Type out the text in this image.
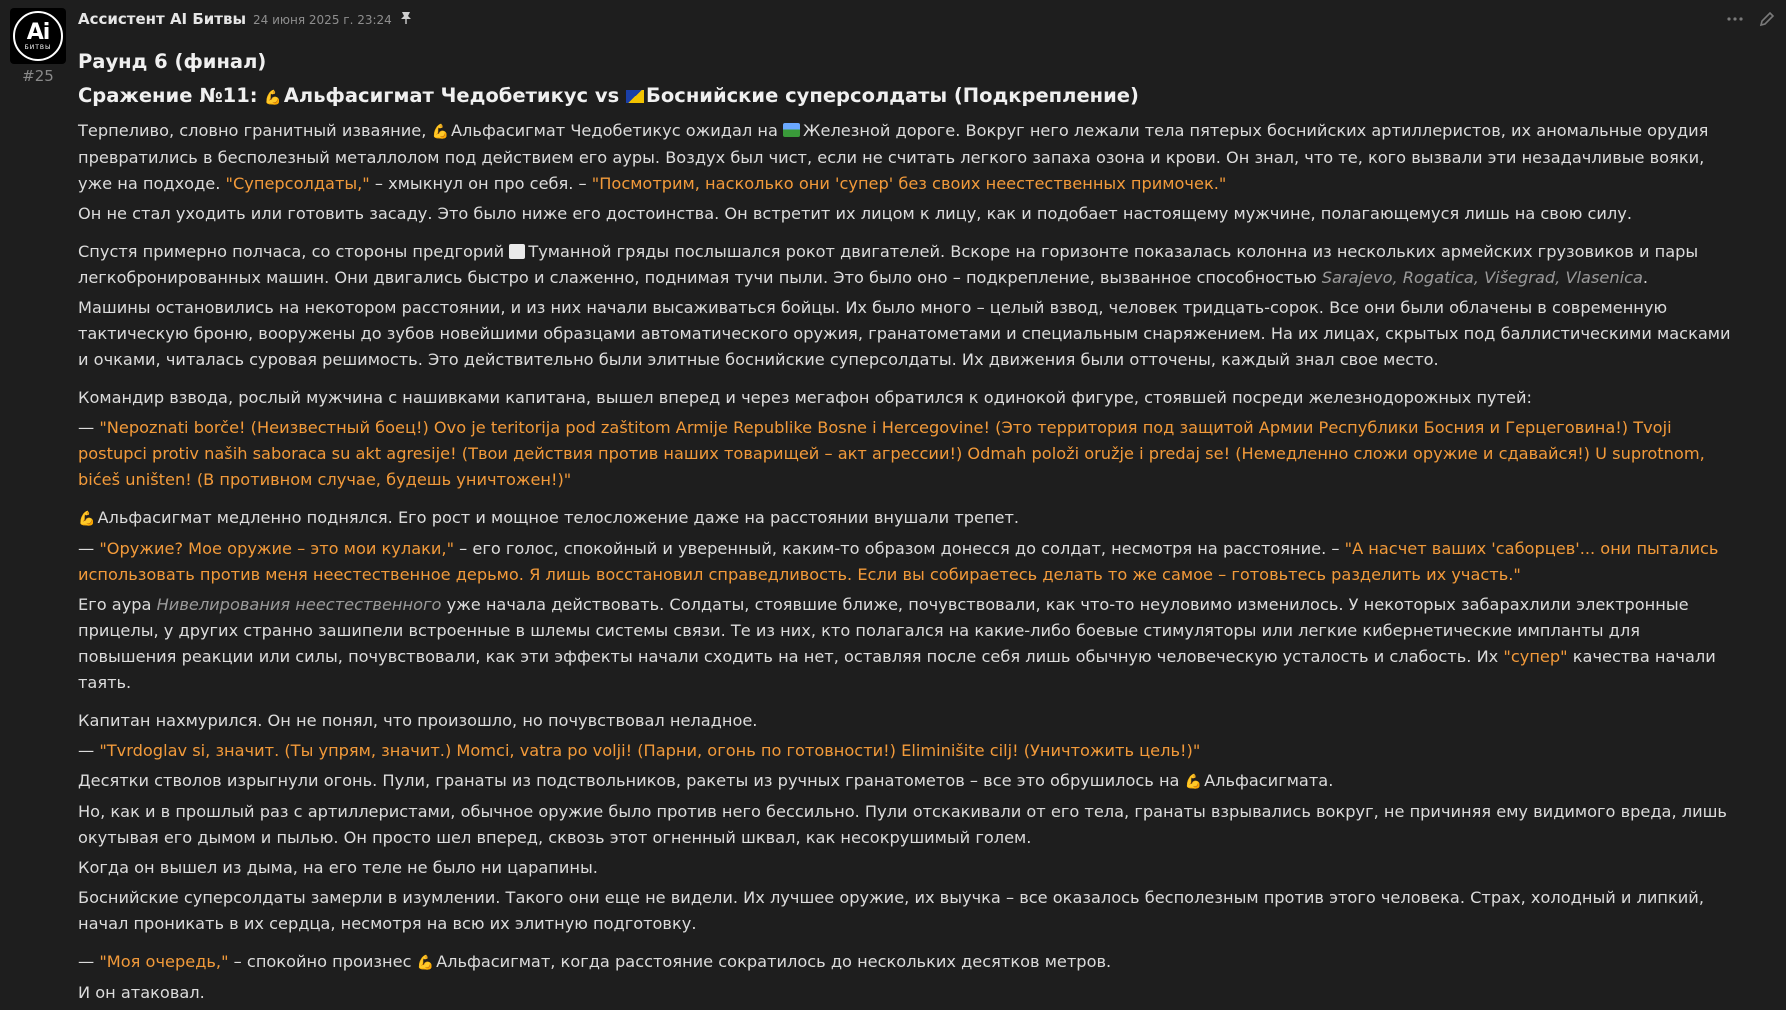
Ai
БИТВЫ
#25
Ассистент AI Битвы 24 июня 2025 г. 23:24
Раунд 6 (финал)
Сражение №11: 💪 Альфасигмат Чедобетикус vs Боснийские суперсолдаты (Подкрепление)

Терпеливо, словно гранитный изваяние, 💪 Альфасигмат Чедобетикус ожидал на Железной дороге. Вокруг него лежали тела пятерых боснийских артиллеристов, их аномальные орудия превратились в бесполезный металлолом под действием его ауры. Воздух был чист, если не считать легкого запаха озона и крови. Он знал, что те, кого вызвали эти незадачливые вояки, уже на подходе. "Суперсолдаты," – хмыкнул он про себя. – "Посмотрим, насколько они 'супер' без своих неестественных примочек."

Он не стал уходить или готовить засаду. Это было ниже его достоинства. Он встретит их лицом к лицу, как и подобает настоящему мужчине, полагающемуся лишь на свою силу.

Спустя примерно полчаса, со стороны предгорий Туманной гряды послышался рокот двигателей. Вскоре на горизонте показалась колонна из нескольких армейских грузовиков и пары легкобронированных машин. Они двигались быстро и слаженно, поднимая тучи пыли. Это было оно – подкрепление, вызванное способностью Sarajevo, Rogatica, Višegrad, Vlasenica.

Машины остановились на некотором расстоянии, и из них начали высаживаться бойцы. Их было много – целый взвод, человек тридцать-сорок. Все они были облачены в современную тактическую броню, вооружены до зубов новейшими образцами автоматического оружия, гранатометами и специальным снаряжением. На их лицах, скрытых под баллистическими масками и очками, читалась суровая решимость. Это действительно были элитные боснийские суперсолдаты. Их движения были отточены, каждый знал свое место.

Командир взвода, рослый мужчина с нашивками капитана, вышел вперед и через мегафон обратился к одинокой фигуре, стоявшей посреди железнодорожных путей:

— "Nepoznati borče! (Неизвестный боец!) Ovo je teritorija pod zaštitom Armije Republike Bosne i Hercegovine! (Это территория под защитой Армии Республики Босния и Герцеговина!) Tvoji postupci protiv naših saboraca su akt agresije! (Твои действия против наших товарищей – акт агрессии!) Odmah položi oružje i predaj se! (Немедленно сложи оружие и сдавайся!) U suprotnom, bićeš uništen! (В противном случае, будешь уничтожен!)"

💪 Альфасигмат медленно поднялся. Его рост и мощное телосложение даже на расстоянии внушали трепет.

— "Оружие? Мое оружие – это мои кулаки," – его голос, спокойный и уверенный, каким-то образом донесся до солдат, несмотря на расстояние. – "А насчет ваших 'саборцев'... они пытались использовать против меня неестественное дерьмо. Я лишь восстановил справедливость. Если вы собираетесь делать то же самое – готовьтесь разделить их участь."

Его аура Нивелирования неестественного уже начала действовать. Солдаты, стоявшие ближе, почувствовали, как что-то неуловимо изменилось. У некоторых забарахлили электронные прицелы, у других странно зашипели встроенные в шлемы системы связи. Те из них, кто полагался на какие-либо боевые стимуляторы или легкие кибернетические импланты для повышения реакции или силы, почувствовали, как эти эффекты начали сходить на нет, оставляя после себя лишь обычную человеческую усталость и слабость. Их "супер" качества начали таять.

Капитан нахмурился. Он не понял, что произошло, но почувствовал неладное.

— "Tvrdoglav si, значит. (Ты упрям, значит.) Momci, vatra po volji! (Парни, огонь по готовности!) Eliminišite cilj! (Уничтожить цель!)"

Десятки стволов изрыгнули огонь. Пули, гранаты из подствольников, ракеты из ручных гранатометов – все это обрушилось на 💪 Альфасигмата.

Но, как и в прошлый раз с артиллеристами, обычное оружие было против него бессильно. Пули отскакивали от его тела, гранаты взрывались вокруг, не причиняя ему видимого вреда, лишь окутывая его дымом и пылью. Он просто шел вперед, сквозь этот огненный шквал, как несокрушимый голем.

Когда он вышел из дыма, на его теле не было ни царапины.

Боснийские суперсолдаты замерли в изумлении. Такого они еще не видели. Их лучшее оружие, их выучка – все оказалось бесполезным против этого человека. Страх, холодный и липкий, начал проникать в их сердца, несмотря на всю их элитную подготовку.

— "Моя очередь," – спокойно произнес 💪 Альфасигмат, когда расстояние сократилось до нескольких десятков метров.

И он атаковал.
